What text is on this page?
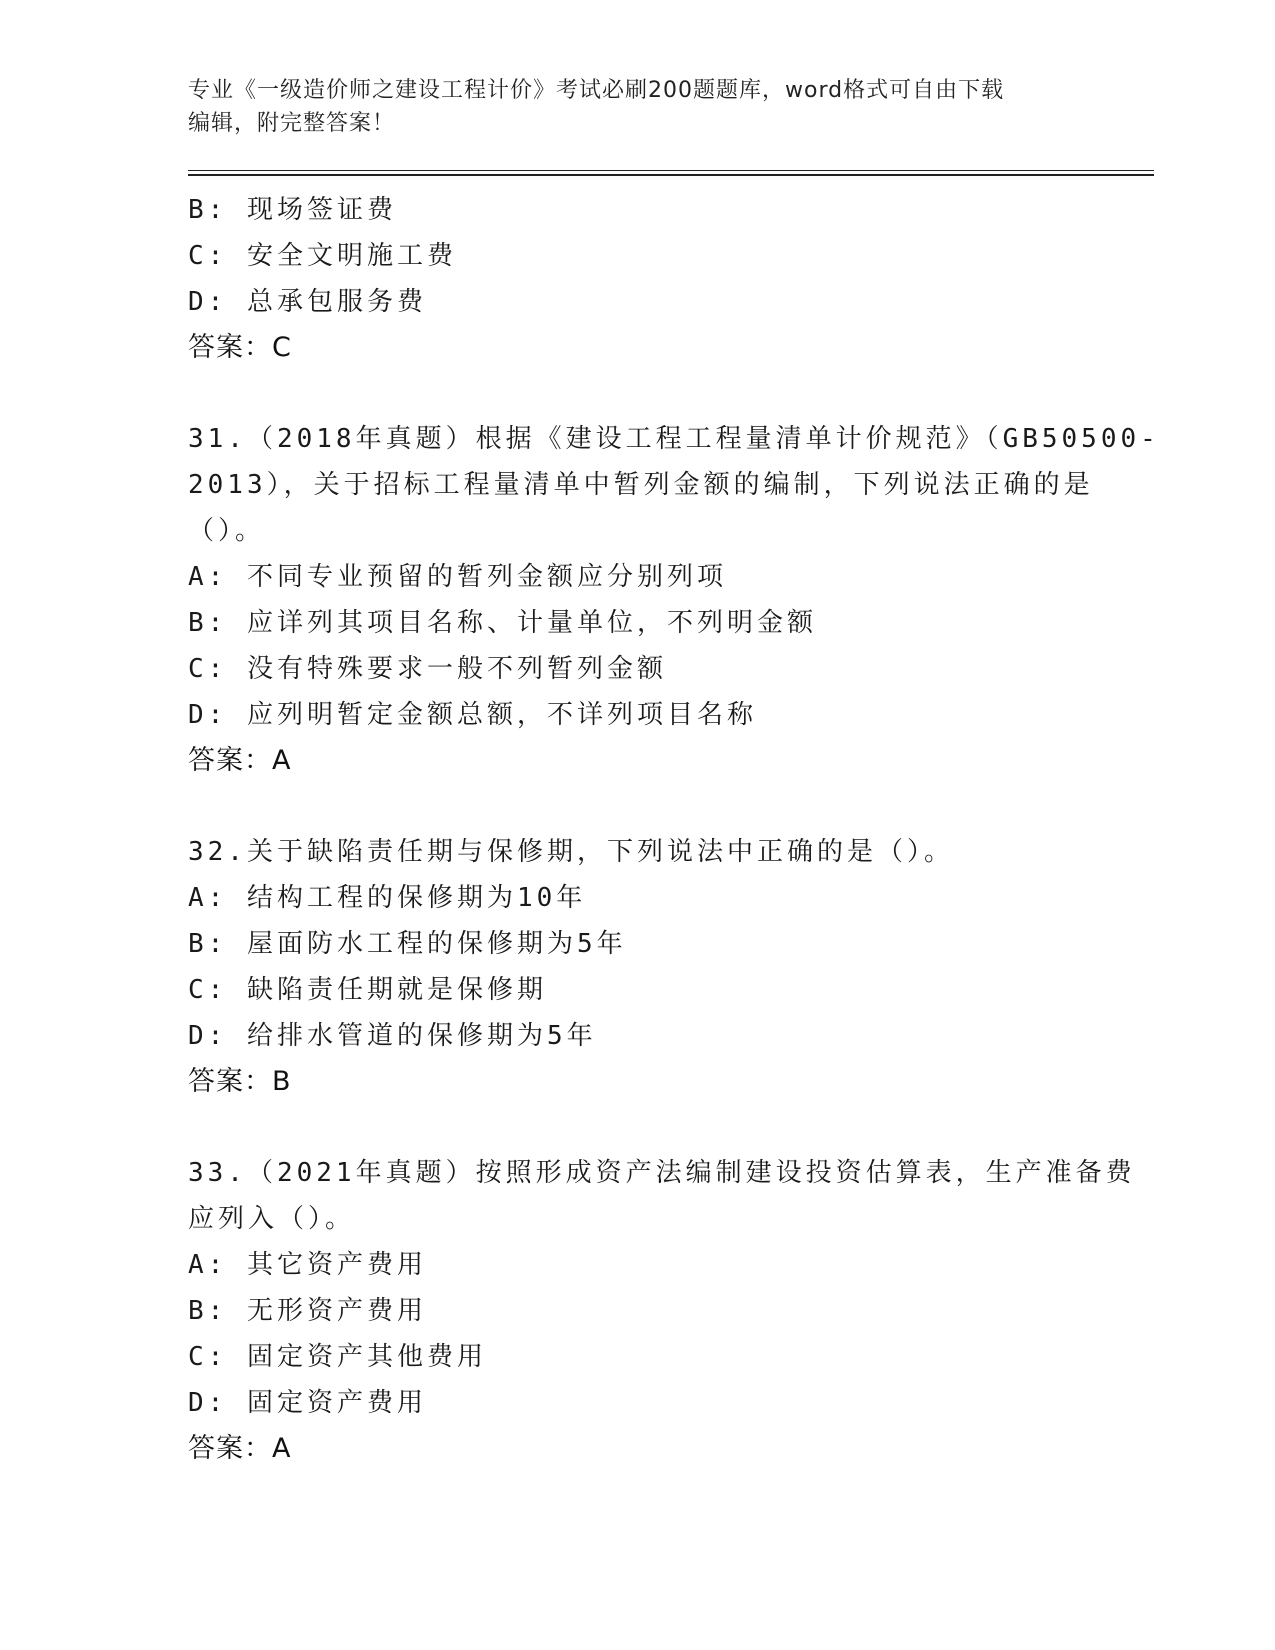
专业《一级造价师之建设工程计价》考试必刷200题题库，word格式可自由下载
编辑，附完整答案！
B: 现场签证费
C: 安全文明施工费
D: 总承包服务费
答案：C
31.（2018年真题）根据《建设工程工程量清单计价规范》（GB50500-
2013），关于招标工程量清单中暂列金额的编制，下列说法正确的是
（）。
A: 不同专业预留的暂列金额应分别列项
B: 应详列其项目名称、计量单位，不列明金额
C: 没有特殊要求一般不列暂列金额
D: 应列明暂定金额总额，不详列项目名称
答案：A
32.关于缺陷责任期与保修期，下列说法中正确的是（）。
A: 结构工程的保修期为10年
B: 屋面防水工程的保修期为5年
C: 缺陷责任期就是保修期
D: 给排水管道的保修期为5年
答案：B
33.（2021年真题）按照形成资产法编制建设投资估算表，生产准备费
应列入（）。
A: 其它资产费用
B: 无形资产费用
C: 固定资产其他费用
D: 固定资产费用
答案：A
